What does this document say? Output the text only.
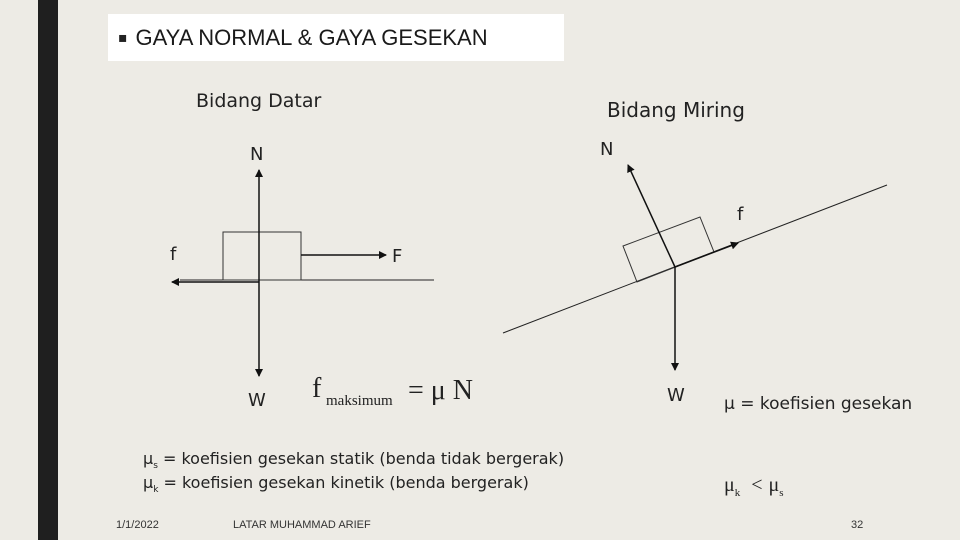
▪ GAYA NORMAL & GAYA GESEKAN
Bidang Datar
N
f	F
W
Bidang Miring
N
f
W
f maksimum = μ N	μ = koefisien gesekan
$\mu_s$ = koefisien gesekan statik (benda tidak bergerak)
$\mu_k$ = koefisien gesekan kinetik (benda bergerak)	$\mu_k < \mu_s$
1/1/2022	LATAR MUHAMMAD ARIEF	32
